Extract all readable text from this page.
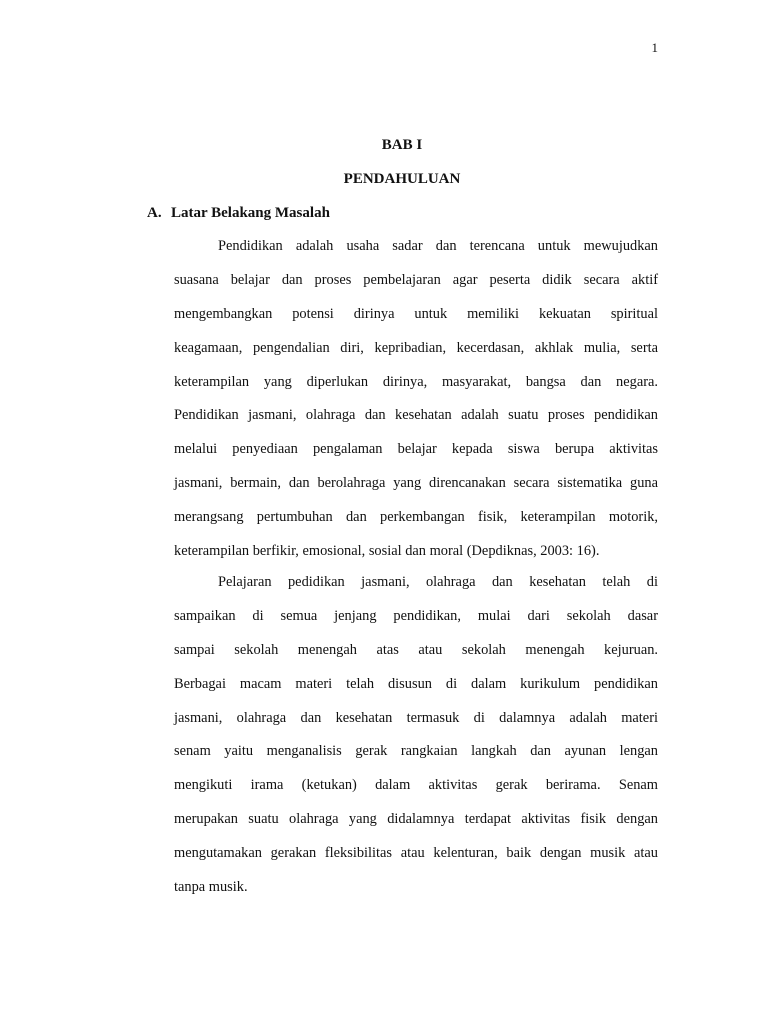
1
BAB I
PENDAHULUAN
A. Latar Belakang Masalah
Pendidikan adalah usaha sadar dan terencana untuk mewujudkan
suasana belajar dan proses pembelajaran agar peserta didik secara aktif
mengembangkan potensi dirinya untuk memiliki kekuatan spiritual
keagamaan, pengendalian diri, kepribadian, kecerdasan, akhlak mulia, serta
keterampilan yang diperlukan dirinya, masyarakat, bangsa dan negara.
Pendidikan jasmani, olahraga dan kesehatan adalah suatu proses pendidikan
melalui penyediaan pengalaman belajar kepada siswa berupa aktivitas
jasmani, bermain, dan berolahraga yang direncanakan secara sistematika guna
merangsang pertumbuhan dan perkembangan fisik, keterampilan motorik,
keterampilan berfikir, emosional, sosial dan moral (Depdiknas, 2003: 16).
Pelajaran pedidikan jasmani, olahraga dan kesehatan telah di
sampaikan di semua jenjang pendidikan, mulai dari sekolah dasar
sampai sekolah menengah atas atau sekolah menengah kejuruan.
Berbagai macam materi telah disusun di dalam kurikulum pendidikan
jasmani, olahraga dan kesehatan termasuk di dalamnya adalah materi
senam yaitu menganalisis gerak rangkaian langkah dan ayunan lengan
mengikuti irama (ketukan) dalam aktivitas gerak berirama. Senam
merupakan suatu olahraga yang didalamnya terdapat aktivitas fisik dengan
mengutamakan gerakan fleksibilitas atau kelenturan, baik dengan musik atau
tanpa musik.
